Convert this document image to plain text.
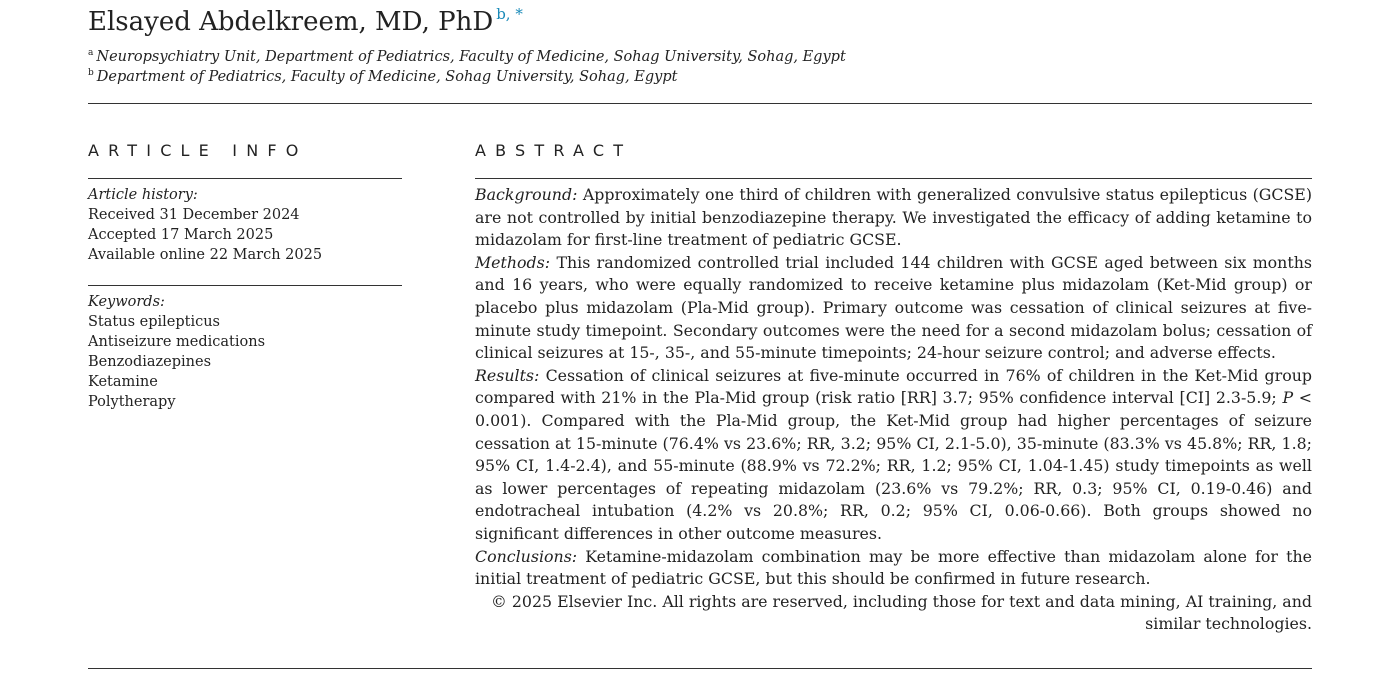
Elsayed Abdelkreem, MD, PhD $^{b, *}$
$^a$ Neuropsychiatry Unit, Department of Pediatrics, Faculty of Medicine, Sohag University, Sohag, Egypt
$^b$ Department of Pediatrics, Faculty of Medicine, Sohag University, Sohag, Egypt
ARTICLE INFO
Article history:
Received 31 December 2024
Accepted 17 March 2025
Available online 22 March 2025
Keywords:
Status epilepticus
Antiseizure medications
Benzodiazepines
Ketamine
Polytherapy
ABSTRACT

Background: Approximately one third of children with generalized convulsive status epilepticus (GCSE) are not controlled by initial benzodiazepine therapy. We investigated the efficacy of adding ketamine to midazolam for first-line treatment of pediatric GCSE.

Methods: This randomized controlled trial included 144 children with GCSE aged between six months and 16 years, who were equally randomized to receive ketamine plus midazolam (Ket-Mid group) or placebo plus midazolam (Pla-Mid group). Primary outcome was cessation of clinical seizures at five-minute study timepoint. Secondary outcomes were the need for a second midazolam bolus; cessation of clinical seizures at 15-, 35-, and 55-minute timepoints; 24-hour seizure control; and adverse effects.

Results: Cessation of clinical seizures at five-minute occurred in 76% of children in the Ket-Mid group compared with 21% in the Pla-Mid group (risk ratio [RR] 3.7; 95% confidence interval [CI] 2.3-5.9; P < 0.001). Compared with the Pla-Mid group, the Ket-Mid group had higher percentages of seizure cessation at 15-minute (76.4% vs 23.6%; RR, 3.2; 95% CI, 2.1-5.0), 35-minute (83.3% vs 45.8%; RR, 1.8; 95% CI, 1.4-2.4), and 55-minute (88.9% vs 72.2%; RR, 1.2; 95% CI, 1.04-1.45) study timepoints as well as lower percentages of repeating midazolam (23.6% vs 79.2%; RR, 0.3; 95% CI, 0.19-0.46) and endotracheal intubation (4.2% vs 20.8%; RR, 0.2; 95% CI, 0.06-0.66). Both groups showed no significant differences in other outcome measures.

Conclusions: Ketamine-midazolam combination may be more effective than midazolam alone for the initial treatment of pediatric GCSE, but this should be confirmed in future research.

© 2025 Elsevier Inc. All rights are reserved, including those for text and data mining, AI training, and similar technologies.
